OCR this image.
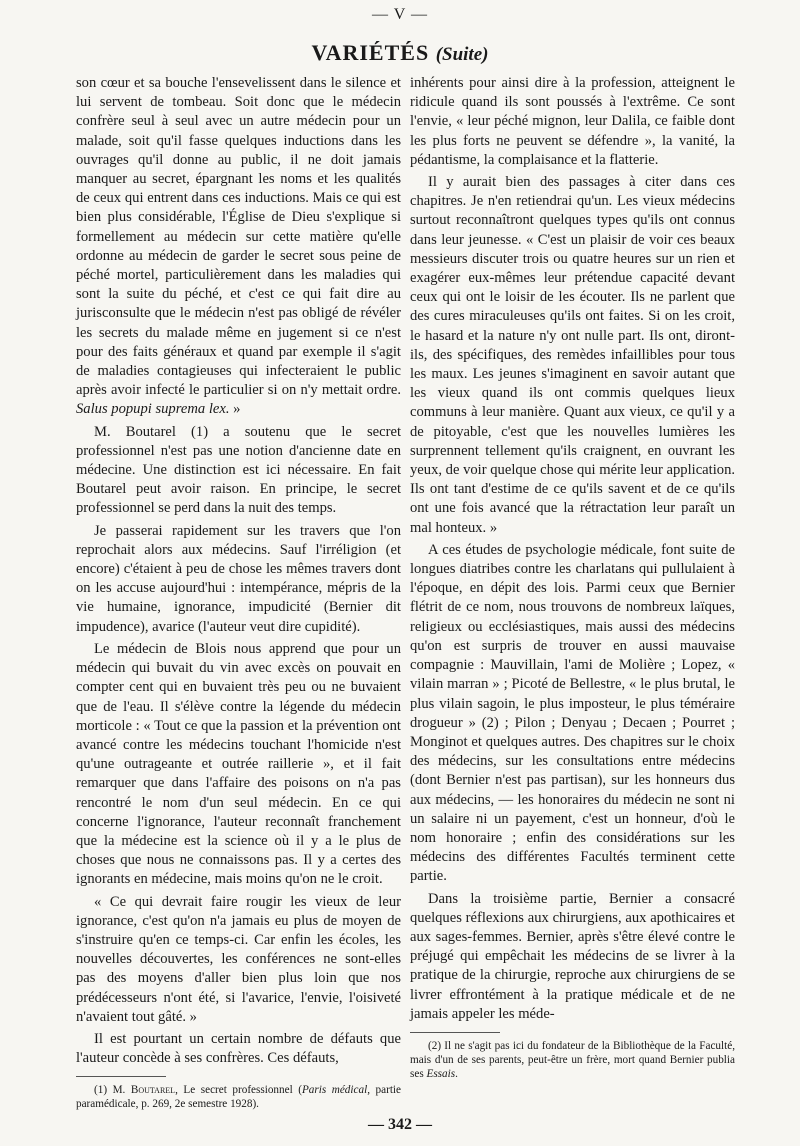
— V —
VARIÉTÉS (Suite)

son cœur et sa bouche l'ensevelissent dans le silence et lui servent de tombeau. Soit donc que le médecin confrère seul à seul avec un autre médecin pour un malade, soit qu'il fasse quelques inductions dans les ouvrages qu'il donne au public, il ne doit jamais manquer au secret, épargnant les noms et les qualités de ceux qui entrent dans ces inductions. Mais ce qui est bien plus considérable, l'Église de Dieu s'explique si formellement au médecin sur cette matière qu'elle ordonne au médecin de garder le secret sous peine de péché mortel, particulièrement dans les maladies qui sont la suite du péché, et c'est ce qui fait dire au jurisconsulte que le médecin n'est pas obligé de révéler les secrets du malade même en jugement si ce n'est pour des faits généraux et quand par exemple il s'agit de maladies contagieuses qui infecteraient le public après avoir infecté le particulier si on n'y mettait ordre. Salus popupi suprema lex. »

M. Boutarel (1) a soutenu que le secret professionnel n'est pas une notion d'ancienne date en médecine. Une distinction est ici nécessaire. En fait Boutarel peut avoir raison. En principe, le secret professionnel se perd dans la nuit des temps.

Je passerai rapidement sur les travers que l'on reprochait alors aux médecins. Sauf l'irréligion (et encore) c'étaient à peu de chose les mêmes travers dont on les accuse aujourd'hui : intempérance, mépris de la vie humaine, ignorance, impudicité (Bernier dit impudence), avarice (l'auteur veut dire cupidité).

Le médecin de Blois nous apprend que pour un médecin qui buvait du vin avec excès on pouvait en compter cent qui en buvaient très peu ou ne buvaient que de l'eau. Il s'élève contre la légende du médecin morticole : « Tout ce que la passion et la prévention ont avancé contre les médecins touchant l'homicide n'est qu'une outrageante et outrée raillerie », et il fait remarquer que dans l'affaire des poisons on n'a pas rencontré le nom d'un seul médecin. En ce qui concerne l'ignorance, l'auteur reconnaît franchement que la médecine est la science où il y a le plus de choses que nous ne connaissons pas. Il y a certes des ignorants en médecine, mais moins qu'on ne le croit.

« Ce qui devrait faire rougir les vieux de leur ignorance, c'est qu'on n'a jamais eu plus de moyen de s'instruire qu'en ce temps-ci. Car enfin les écoles, les nouvelles découvertes, les conférences ne sont-elles pas des moyens d'aller bien plus loin que nos prédécesseurs n'ont été, si l'avarice, l'envie, l'oisiveté n'avaient tout gâté. »

Il est pourtant un certain nombre de défauts que l'auteur concède à ses confrères. Ces défauts,

(1) M. Boutarel, Le secret professionnel (Paris médical, partie paramédicale, p. 269, 2e semestre 1928).

inhérents pour ainsi dire à la profession, atteignent le ridicule quand ils sont poussés à l'extrême. Ce sont l'envie, « leur péché mignon, leur Dalila, ce faible dont les plus forts ne peuvent se défendre », la vanité, la pédantisme, la complaisance et la flatterie.

Il y aurait bien des passages à citer dans ces chapitres. Je n'en retiendrai qu'un. Les vieux médecins surtout reconnaîtront quelques types qu'ils ont connus dans leur jeunesse. « C'est un plaisir de voir ces beaux messieurs discuter trois ou quatre heures sur un rien et exagérer eux-mêmes leur prétendue capacité devant ceux qui ont le loisir de les écouter. Ils ne parlent que des cures miraculeuses qu'ils ont faites. Si on les croit, le hasard et la nature n'y ont nulle part. Ils ont, diront-ils, des spécifiques, des remèdes infaillibles pour tous les maux. Les jeunes s'imaginent en savoir autant que les vieux quand ils ont commis quelques lieux communs à leur manière. Quant aux vieux, ce qu'il y a de pitoyable, c'est que les nouvelles lumières les surprennent tellement qu'ils craignent, en ouvrant les yeux, de voir quelque chose qui mérite leur application. Ils ont tant d'estime de ce qu'ils savent et de ce qu'ils ont une fois avancé que la rétractation leur paraît un mal honteux. »

A ces études de psychologie médicale, font suite de longues diatribes contre les charlatans qui pullulaient à l'époque, en dépit des lois. Parmi ceux que Bernier flétrit de ce nom, nous trouvons de nombreux laïques, religieux ou ecclésiastiques, mais aussi des médecins qu'on est surpris de trouver en aussi mauvaise compagnie : Mauvillain, l'ami de Molière ; Lopez, « vilain marran » ; Picoté de Bellestre, « le plus brutal, le plus vilain sagoin, le plus imposteur, le plus téméraire drogueur » (2) ; Pilon ; Denyau ; Decaen ; Pourret ; Monginot et quelques autres. Des chapitres sur le choix des médecins, sur les consultations entre médecins (dont Bernier n'est pas partisan), sur les honneurs dus aux médecins, — les honoraires du médecin ne sont ni un salaire ni un payement, c'est un honneur, d'où le nom honoraire ; enfin des considérations sur les médecins des différentes Facultés terminent cette partie.

Dans la troisième partie, Bernier a consacré quelques réflexions aux chirurgiens, aux apothicaires et aux sages-femmes. Bernier, après s'être élevé contre le préjugé qui empêchait les médecins de se livrer à la pratique de la chirurgie, reproche aux chirurgiens de se livrer effrontément à la pratique médicale et de ne jamais appeler les méde-

(2) Il ne s'agit pas ici du fondateur de la Bibliothèque de la Faculté, mais d'un de ses parents, peut-être un frère, mort quand Bernier publia ses Essais.

— 342 —
